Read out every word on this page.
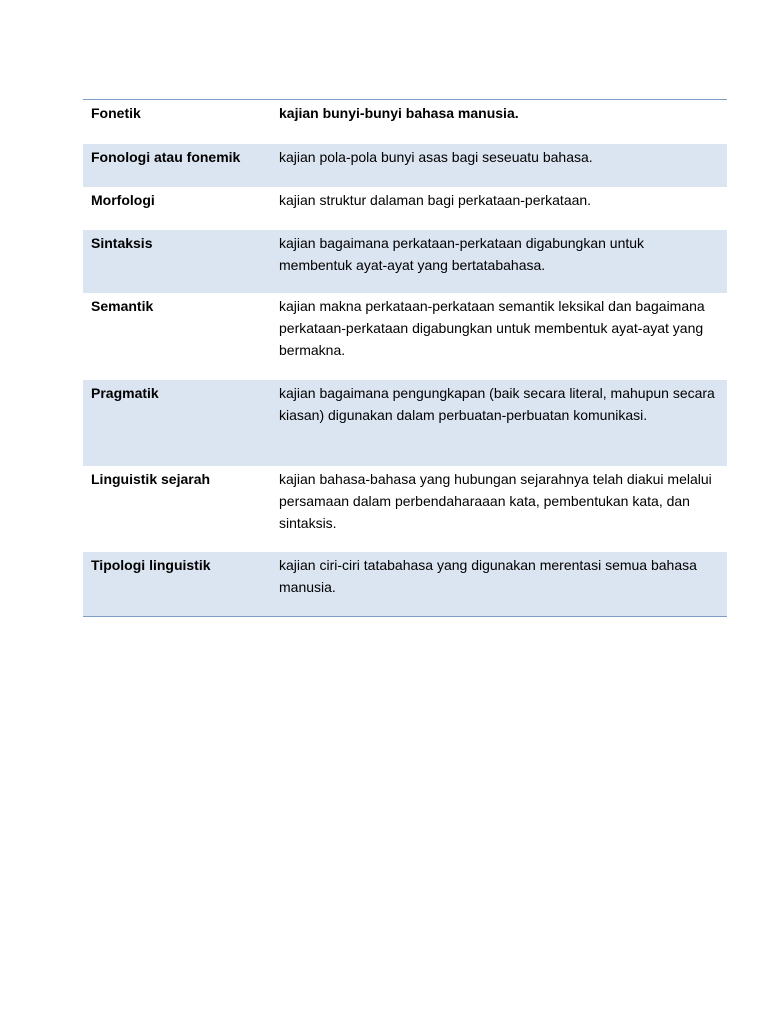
Fonetik	kajian bunyi-bunyi bahasa manusia.
Fonologi atau fonemik	kajian pola-pola bunyi asas bagi seseuatu bahasa.
Morfologi	kajian struktur dalaman bagi perkataan-perkataan.
Sintaksis	kajian bagaimana perkataan-perkataan digabungkan untuk membentuk ayat-ayat yang bertatabahasa.
Semantik	kajian makna perkataan-perkataan semantik leksikal dan bagaimana perkataan-perkataan digabungkan untuk membentuk ayat-ayat yang bermakna.
Pragmatik	kajian bagaimana pengungkapan (baik secara literal, mahupun secara kiasan) digunakan dalam perbuatan-perbuatan komunikasi.
Linguistik sejarah	kajian bahasa-bahasa yang hubungan sejarahnya telah diakui melalui persamaan dalam perbendaharaaan kata, pembentukan kata, dan sintaksis.
Tipologi linguistik	kajian ciri-ciri tatabahasa yang digunakan merentasi semua bahasa manusia.
